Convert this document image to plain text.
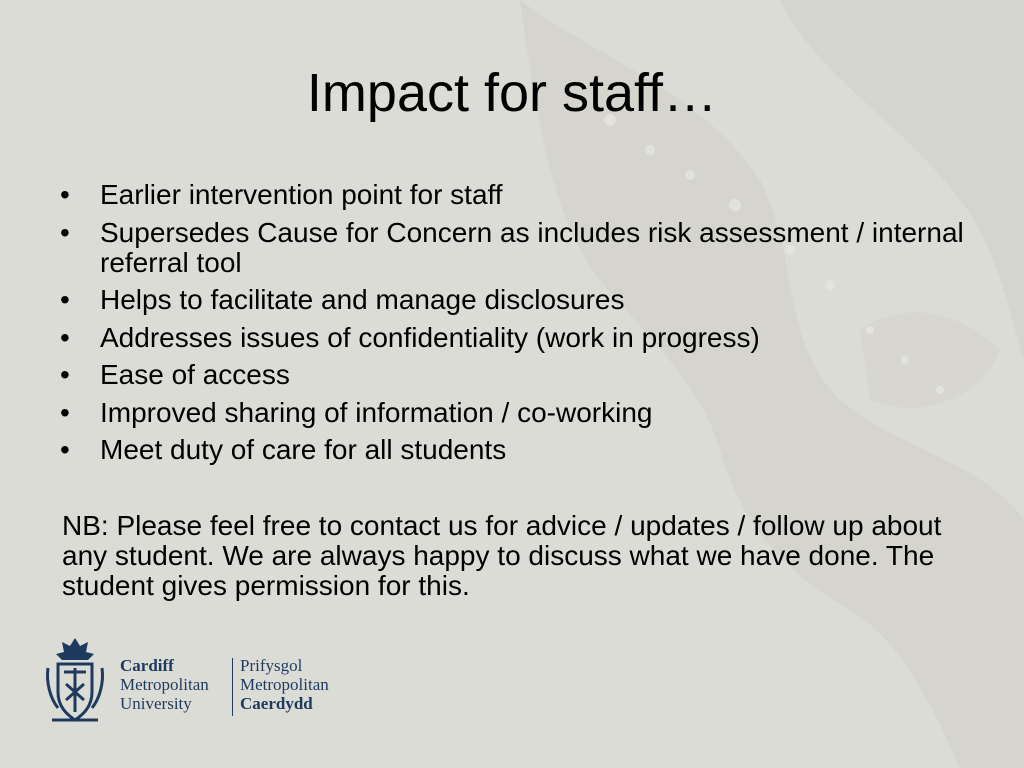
Impact for staff…
• Earlier intervention point for staff
• Supersedes Cause for Concern as includes risk assessment / internal referral tool
• Helps to facilitate and manage disclosures
• Addresses issues of confidentiality (work in progress)
• Ease of access
• Improved sharing of information / co-working
• Meet duty of care for all students

NB: Please feel free to contact us for advice / updates / follow up about any student. We are always happy to discuss what we have done. The student gives permission for this.

Cardiff
Metropolitan
University
Prifysgol
Metropolitan
Caerdydd
